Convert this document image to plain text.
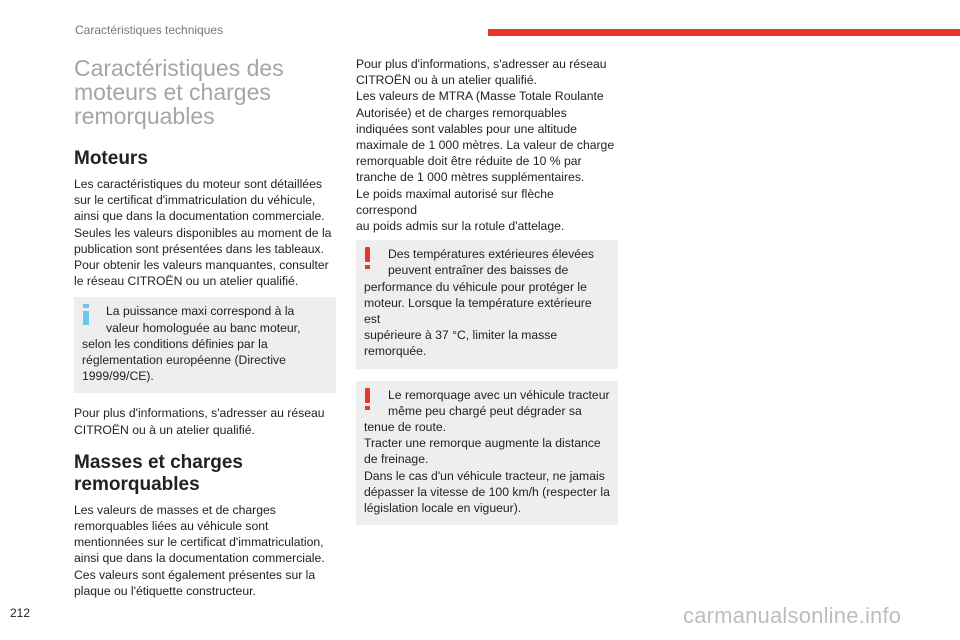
Caractéristiques techniques
Caractéristiques des
moteurs et charges
remorquables
Moteurs

Les caractéristiques du moteur sont détaillées
sur le certificat d'immatriculation du véhicule,
ainsi que dans la documentation commerciale.
Seules les valeurs disponibles au moment de la
publication sont présentées dans les tableaux.
Pour obtenir les valeurs manquantes, consulter
le réseau CITROËN ou un atelier qualifié.

La puissance maxi correspond à la
valeur homologuée au banc moteur,
selon les conditions définies par la
réglementation européenne (Directive
1999/99/CE).

Pour plus d'informations, s'adresser au réseau
CITROËN ou à un atelier qualifié.

Masses et charges
remorquables

Les valeurs de masses et de charges
remorquables liées au véhicule sont
mentionnées sur le certificat d'immatriculation,
ainsi que dans la documentation commerciale.
Ces valeurs sont également présentes sur la
plaque ou l'étiquette constructeur.

Pour plus d'informations, s'adresser au réseau
CITROËN ou à un atelier qualifié.
Les valeurs de MTRA (Masse Totale Roulante
Autorisée) et de charges remorquables
indiquées sont valables pour une altitude
maximale de 1 000 mètres. La valeur de charge
remorquable doit être réduite de 10 % par
tranche de 1 000 mètres supplémentaires.
Le poids maximal autorisé sur flèche correspond
au poids admis sur la rotule d'attelage.

Des températures extérieures élevées
peuvent entraîner des baisses de
performance du véhicule pour protéger le
moteur. Lorsque la température extérieure est
supérieure à 37 °C, limiter la masse
remorquée.
Le remorquage avec un véhicule tracteur
même peu chargé peut dégrader sa
tenue de route.
Tracter une remorque augmente la distance
de freinage.
Dans le cas d'un véhicule tracteur, ne jamais
dépasser la vitesse de 100 km/h (respecter la
législation locale en vigueur).
212	carmanualsonline.info
